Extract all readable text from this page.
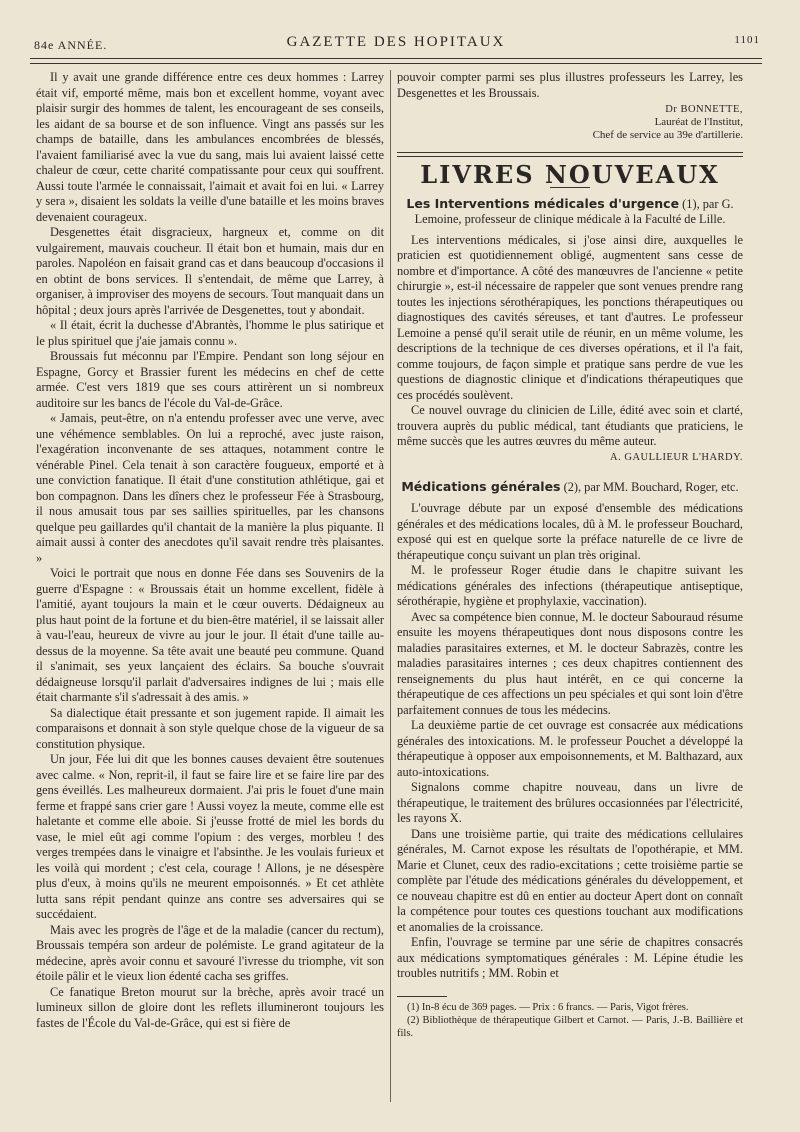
84e ANNÉE.	GAZETTE DES HOPITAUX	1101

Il y avait une grande différence entre ces deux hommes : Larrey était vif, emporté même, mais bon et excellent homme, voyant avec plaisir surgir des hommes de talent, les encourageant de ses conseils, les aidant de sa bourse et de son influence. Vingt ans passés sur les champs de bataille, dans les ambulances encombrées de blessés, l'avaient familiarisé avec la vue du sang, mais lui avaient laissé cette chaleur de cœur, cette charité compatissante pour ceux qui souffrent. Aussi toute l'armée le connaissait, l'aimait et avait foi en lui. « Larrey y sera », disaient les soldats la veille d'une bataille et les moins braves devenaient courageux.

Desgenettes était disgracieux, hargneux et, comme on dit vulgairement, mauvais coucheur. Il était bon et humain, mais dur en paroles. Napoléon en faisait grand cas et dans beaucoup d'occasions il en obtint de bons services. Il s'entendait, de même que Larrey, à organiser, à improviser des moyens de secours. Tout manquait dans un hôpital ; deux jours après l'arrivée de Desgenettes, tout y abondait.

« Il était, écrit la duchesse d'Abrantès, l'homme le plus satirique et le plus spirituel que j'aie jamais connu ».

Broussais fut méconnu par l'Empire. Pendant son long séjour en Espagne, Gorcy et Brassier furent les médecins en chef de cette armée. C'est vers 1819 que ses cours attirèrent un si nombreux auditoire sur les bancs de l'école du Val-de-Grâce.

« Jamais, peut-être, on n'a entendu professer avec une verve, avec une véhémence semblables. On lui a reproché, avec juste raison, l'exagération inconvenante de ses attaques, notamment contre le vénérable Pinel. Cela tenait à son caractère fougueux, emporté et à une conviction fanatique. Il était d'une constitution athlétique, gai et bon compagnon. Dans les dîners chez le professeur Fée à Strasbourg, il nous amusait tous par ses saillies spirituelles, par les chansons quelque peu gaillardes qu'il chantait de la manière la plus piquante. Il aimait aussi à conter des anecdotes qu'il savait rendre très plaisantes. »

Voici le portrait que nous en donne Fée dans ses Souvenirs de la guerre d'Espagne : « Broussais était un homme excellent, fidèle à l'amitié, ayant toujours la main et le cœur ouverts. Dédaigneux au plus haut point de la fortune et du bien-être matériel, il se laissait aller à vau-l'eau, heureux de vivre au jour le jour. Il était d'une taille au-dessus de la moyenne. Sa tête avait une beauté peu commune. Quand il s'animait, ses yeux lançaient des éclairs. Sa bouche s'ouvrait dédaigneuse lorsqu'il parlait d'adversaires indignes de lui ; mais elle était charmante s'il s'adressait à des amis. »

Sa dialectique était pressante et son jugement rapide. Il aimait les comparaisons et donnait à son style quelque chose de la vigueur de sa constitution physique.

Un jour, Fée lui dit que les bonnes causes devaient être soutenues avec calme. « Non, reprit-il, il faut se faire lire et se faire lire par des gens éveillés. Les malheureux dormaient. J'ai pris le fouet d'une main ferme et frappé sans crier gare ! Aussi voyez la meute, comme elle est haletante et comme elle aboie. Si j'eusse frotté de miel les bords du vase, le miel eût agi comme l'opium : des verges, morbleu ! des verges trempées dans le vinaigre et l'absinthe. Je les voulais furieux et les voilà qui mordent ; c'est cela, courage ! Allons, je ne désespère plus d'eux, à moins qu'ils ne meurent empoisonnés. » Et cet athlète lutta sans répit pendant quinze ans contre ses adversaires qui se succédaient.

Mais avec les progrès de l'âge et de la maladie (cancer du rectum), Broussais tempéra son ardeur de polémiste. Le grand agitateur de la médecine, après avoir connu et savouré l'ivresse du triomphe, vit son étoile pâlir et le vieux lion édenté cacha ses griffes.

Ce fanatique Breton mourut sur la brèche, après avoir tracé un lumineux sillon de gloire dont les reflets illumineront toujours les fastes de l'École du Val-de-Grâce, qui est si fière de

pouvoir compter parmi ses plus illustres professeurs les Larrey, les Desgenettes et les Broussais.

Dr BONNETTE,
Lauréat de l'Institut,
Chef de service au 39e d'artillerie.
LIVRES NOUVEAUX
Les Interventions médicales d'urgence (1), par G. Lemoine, professeur de clinique médicale à la Faculté de Lille.

Les interventions médicales, si j'ose ainsi dire, auxquelles le praticien est quotidiennement obligé, augmentent sans cesse de nombre et d'importance. A côté des manœuvres de l'ancienne « petite chirurgie », est-il nécessaire de rappeler que sont venues prendre rang toutes les injections sérothérapiques, les ponctions thérapeutiques ou diagnostiques des cavités séreuses, et tant d'autres. Le professeur Lemoine a pensé qu'il serait utile de réunir, en un même volume, les descriptions de la technique de ces diverses opérations, et il l'a fait, comme toujours, de façon simple et pratique sans perdre de vue les questions de diagnostic clinique et d'indications thérapeutiques que ces procédés soulèvent.

Ce nouvel ouvrage du clinicien de Lille, édité avec soin et clarté, trouvera auprès du public médical, tant étudiants que praticiens, le même succès que les autres œuvres du même auteur.

A. GAULLIEUR L'HARDY.
Médications générales (2), par MM. Bouchard, Roger, etc.

L'ouvrage débute par un exposé d'ensemble des médications générales et des médications locales, dû à M. le professeur Bouchard, exposé qui est en quelque sorte la préface naturelle de ce livre de thérapeutique conçu suivant un plan très original.

M. le professeur Roger étudie dans le chapitre suivant les médications générales des infections (thérapeutique antiseptique, sérothérapie, hygiène et prophylaxie, vaccination).

Avec sa compétence bien connue, M. le docteur Sabouraud résume ensuite les moyens thérapeutiques dont nous disposons contre les maladies parasitaires externes, et M. le docteur Sabrazès, contre les maladies parasitaires internes ; ces deux chapitres contiennent des renseignements du plus haut intérêt, en ce qui concerne la thérapeutique de ces affections un peu spéciales et qui sont loin d'être parfaitement connues de tous les médecins.

La deuxième partie de cet ouvrage est consacrée aux médications générales des intoxications. M. le professeur Pouchet a développé la thérapeutique à opposer aux empoisonnements, et M. Balthazard, aux auto-intoxications.

Signalons comme chapitre nouveau, dans un livre de thérapeutique, le traitement des brûlures occasionnées par l'électricité, les rayons X.

Dans une troisième partie, qui traite des médications cellulaires générales, M. Carnot expose les résultats de l'opothérapie, et MM. Marie et Clunet, ceux des radio-excitations ; cette troisième partie se complète par l'étude des médications générales du développement, et ce nouveau chapitre est dû en entier au docteur Apert dont on connaît la compétence pour toutes ces questions touchant aux modifications et anomalies de la croissance.

Enfin, l'ouvrage se termine par une série de chapitres consacrés aux médications symptomatiques générales : M. Lépine étudie les troubles nutritifs ; MM. Robin et

(1) In-8 écu de 369 pages. — Prix : 6 francs. — Paris, Vigot frères.

(2) Bibliothèque de thérapeutique Gilbert et Carnot. — Paris, J.-B. Baillière et fils.
